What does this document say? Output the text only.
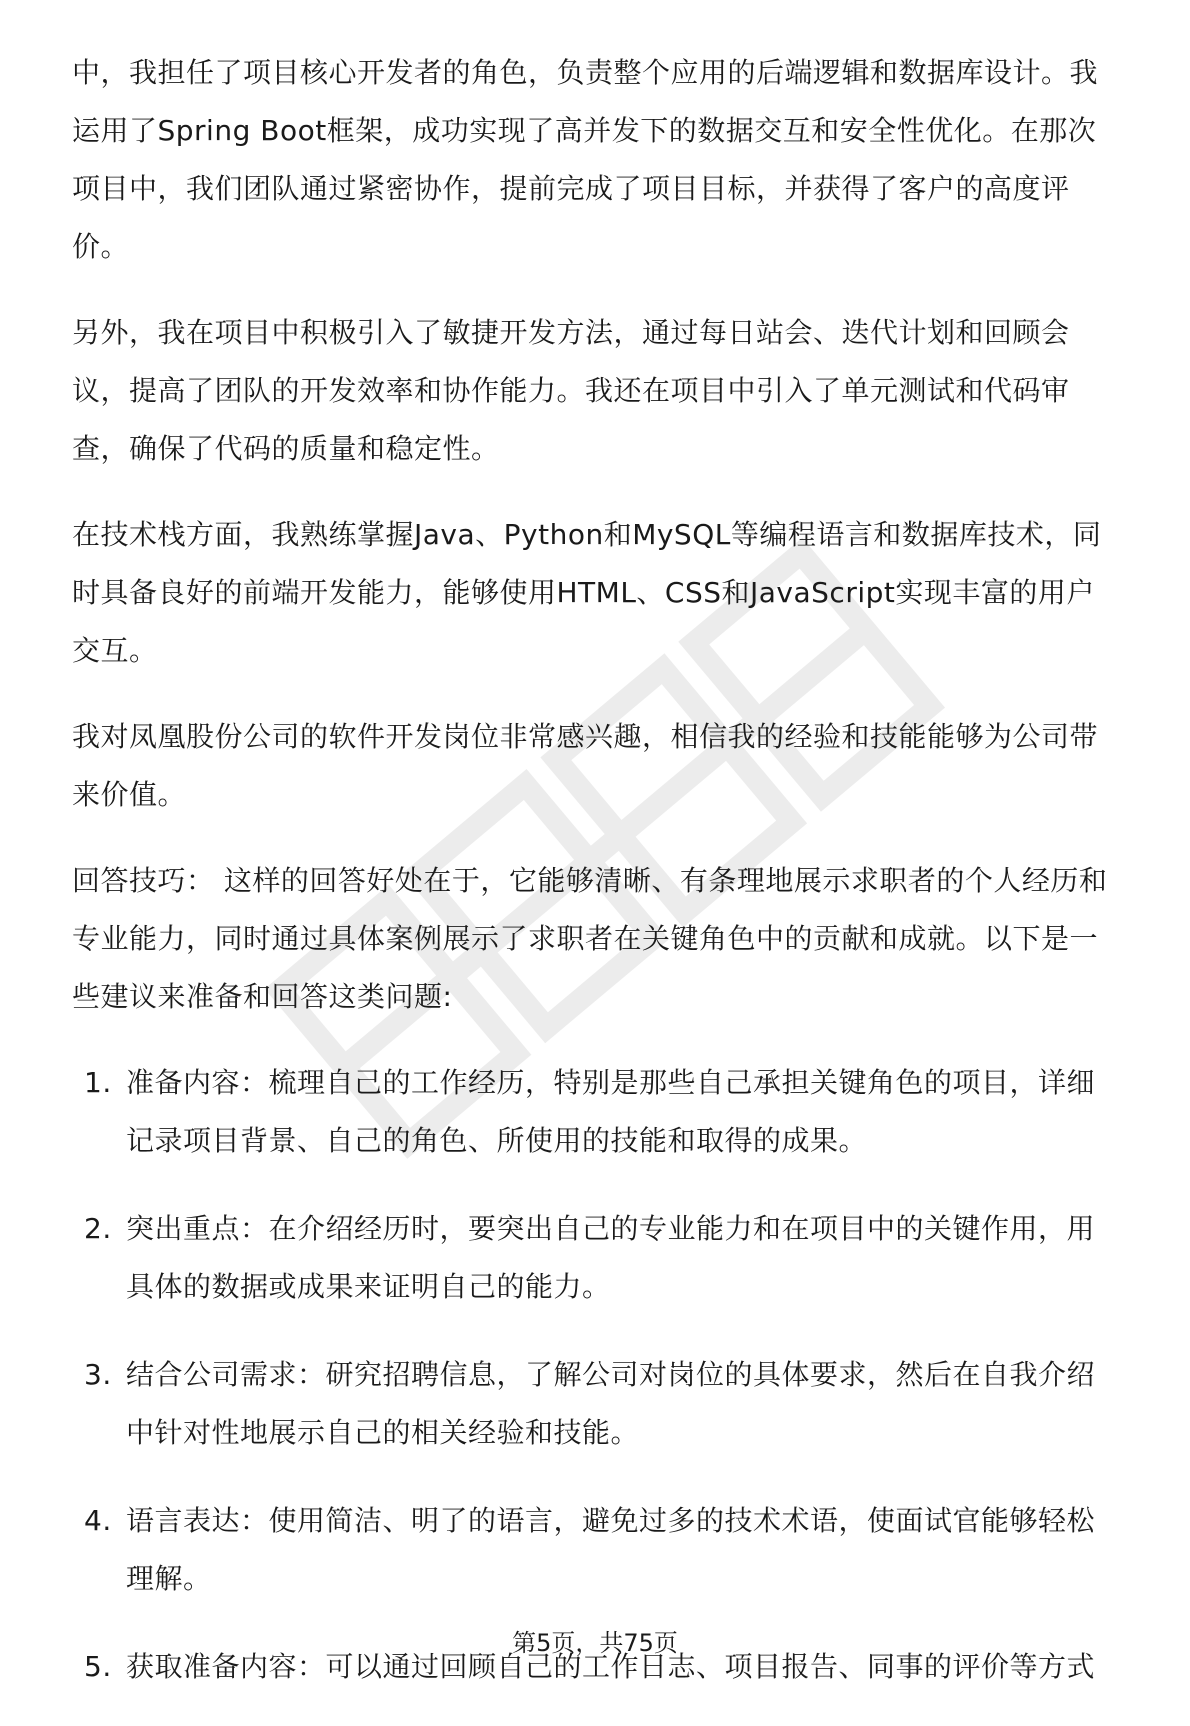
中，我担任了项目核心开发者的角色，负责整个应用的后端逻辑和数据库设计。我运用了Spring Boot框架，成功实现了高并发下的数据交互和安全性优化。在那次项目中，我们团队通过紧密协作，提前完成了项目目标，并获得了客户的高度评价。

另外，我在项目中积极引入了敏捷开发方法，通过每日站会、迭代计划和回顾会议，提高了团队的开发效率和协作能力。我还在项目中引入了单元测试和代码审查，确保了代码的质量和稳定性。

在技术栈方面，我熟练掌握Java、Python和MySQL等编程语言和数据库技术，同时具备良好的前端开发能力，能够使用HTML、CSS和JavaScript实现丰富的用户交互。

我对凤凰股份公司的软件开发岗位非常感兴趣，相信我的经验和技能能够为公司带来价值。

回答技巧： 这样的回答好处在于，它能够清晰、有条理地展示求职者的个人经历和专业能力，同时通过具体案例展示了求职者在关键角色中的贡献和成就。以下是一些建议来准备和回答这类问题:

1. 准备内容：梳理自己的工作经历，特别是那些自己承担关键角色的项目，详细记录项目背景、自己的角色、所使用的技能和取得的成果。
2. 突出重点：在介绍经历时，要突出自己的专业能力和在项目中的关键作用，用具体的数据或成果来证明自己的能力。
3. 结合公司需求：研究招聘信息，了解公司对岗位的具体要求，然后在自我介绍中针对性地展示自己的相关经验和技能。
4. 语言表达：使用简洁、明了的语言，避免过多的技术术语，使面试官能够轻松理解。
5. 获取准备内容：可以通过回顾自己的工作日志、项目报告、同事的评价等方式
第5页，共75页
